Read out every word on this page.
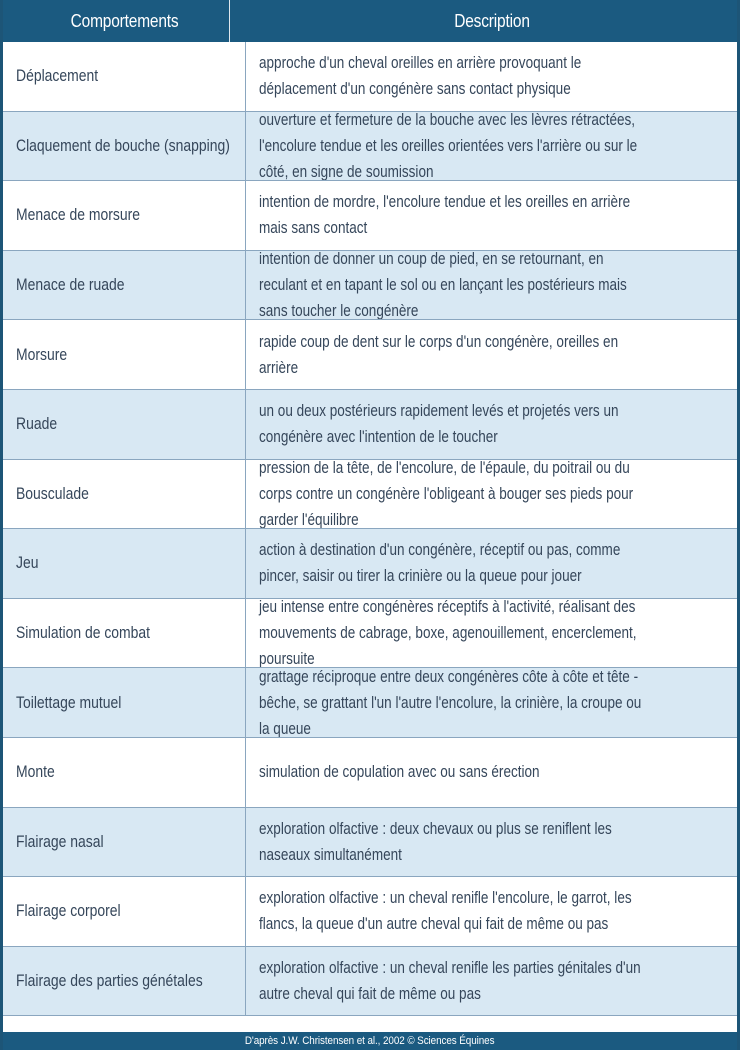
Comportements	Description
Déplacement
approche d'un cheval oreilles en arrière provoquant le déplacement d'un congénère sans contact physique
Claquement de bouche (snapping)
ouverture et fermeture de la bouche avec les lèvres rétractées, l'encolure tendue et les oreilles orientées vers l'arrière ou sur le côté, en signe de soumission
Menace de morsure
intention de mordre, l'encolure tendue et les oreilles en arrière mais sans contact
Menace de ruade
intention de donner un coup de pied, en se retournant, en reculant et en tapant le sol ou en lançant les postérieurs mais sans toucher le congénère
Morsure
rapide coup de dent sur le corps d'un congénère, oreilles en arrière
Ruade
un ou deux postérieurs rapidement levés et projetés vers un congénère avec l'intention de le toucher
Bousculade
pression de la tête, de l'encolure, de l'épaule, du poitrail ou du corps contre un congénère l'obligeant à bouger ses pieds pour garder l'équilibre
Jeu
action à destination d'un congénère, réceptif ou pas, comme pincer, saisir ou tirer la crinière ou la queue pour jouer
Simulation de combat
jeu intense entre congénères réceptifs à l'activité, réalisant des mouvements de cabrage, boxe, agenouillement, encerclement, poursuite
Toilettage mutuel
grattage réciproque entre deux congénères côte à côte et tête - bêche, se grattant l'un l'autre l'encolure, la crinière, la croupe ou la queue
Monte	simulation de copulation avec ou sans érection
Flairage nasal
exploration olfactive : deux chevaux ou plus se reniflent les naseaux simultanément
Flairage corporel
exploration olfactive : un cheval renifle l'encolure, le garrot, les flancs, la queue d'un autre cheval qui fait de même ou pas
Flairage des parties génétales
exploration olfactive : un cheval renifle les parties génitales d'un autre cheval qui fait de même ou pas
D'après J.W. Christensen et al., 2002 © Sciences Équines
